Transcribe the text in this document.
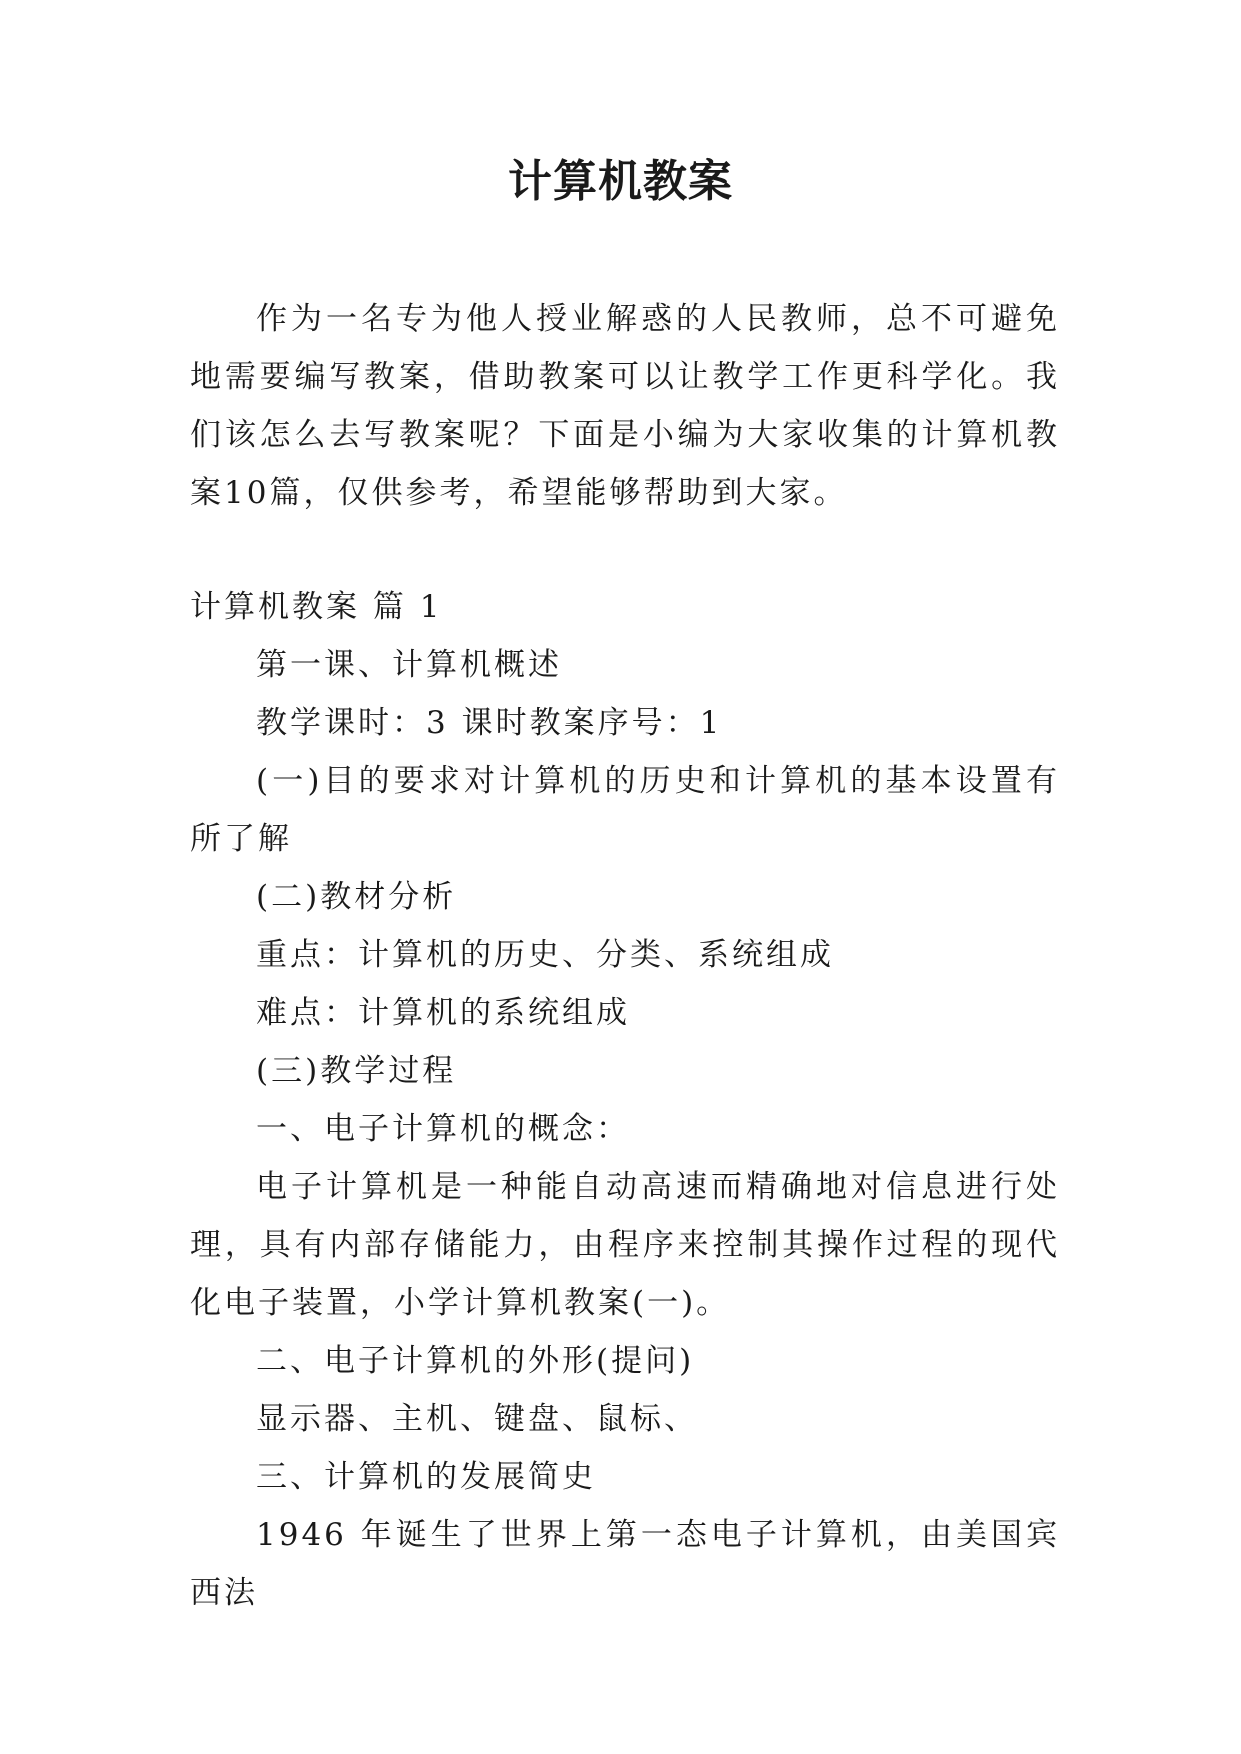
计算机教案

作为一名专为他人授业解惑的人民教师，总不可避免地需要编写教案，借助教案可以让教学工作更科学化。我们该怎么去写教案呢？下面是小编为大家收集的计算机教案10篇，仅供参考，希望能够帮助到大家。

计算机教案 篇 1

第一课、计算机概述

教学课时：3 课时教案序号：1

(一)目的要求对计算机的历史和计算机的基本设置有所了解

(二)教材分析

重点：计算机的历史、分类、系统组成

难点：计算机的系统组成

(三)教学过程

一、电子计算机的概念：

电子计算机是一种能自动高速而精确地对信息进行处理，具有内部存储能力，由程序来控制其操作过程的现代化电子装置，小学计算机教案(一)。

二、电子计算机的外形(提问)

显示器、主机、键盘、鼠标、

三、计算机的发展简史

1946 年诞生了世界上第一态电子计算机，由美国宾西法
